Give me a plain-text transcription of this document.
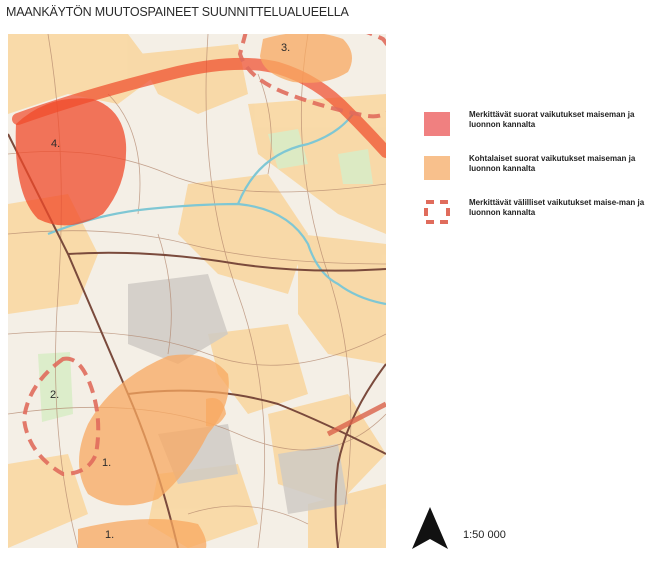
MAANKÄYTÖN MUUTOSPAINEET SUUNNITTELUALUEELLA
4.
3.
2.
1.
1.
Merkittävät suorat vaikutukset maiseman ja luonnon kannalta
Kohtalaiset suorat vaikutukset maiseman ja luonnon kannalta
Merkittävät välilliset vaikutukset maise-man ja luonnon kannalta
1:50 000
